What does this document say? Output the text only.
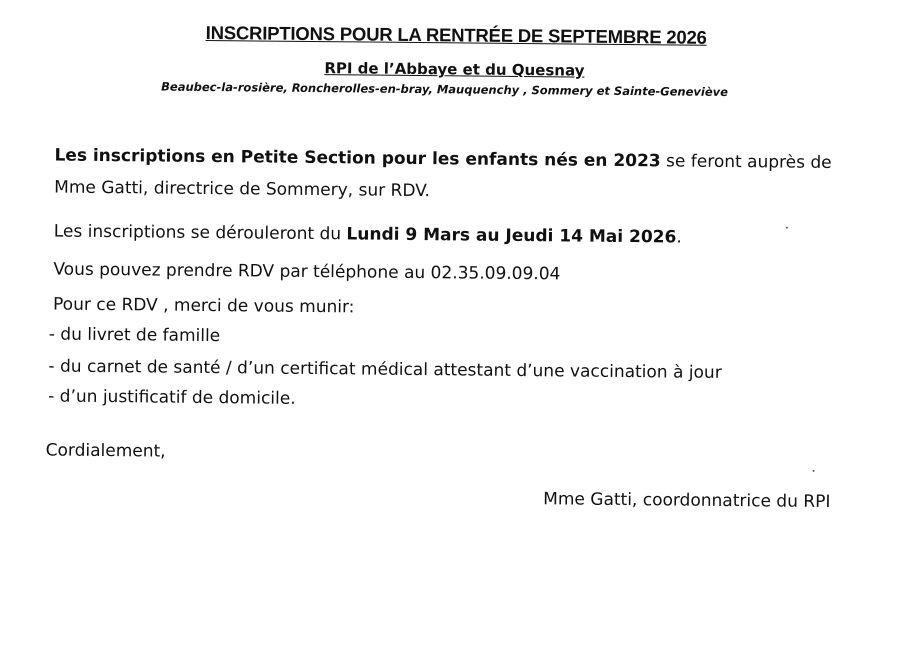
INSCRIPTIONS POUR LA RENTRÉE DE SEPTEMBRE 2026
RPI de l’Abbaye et du Quesnay
Beaubec-la-rosière, Roncherolles-en-bray, Mauquenchy , Sommery et Sainte-Geneviève
Les inscriptions en Petite Section pour les enfants nés en 2023 se feront auprès de
Mme Gatti, directrice de Sommery, sur RDV.
Les inscriptions se dérouleront du Lundi 9 Mars au Jeudi 14 Mai 2026.
Vous pouvez prendre RDV par téléphone au 02.35.09.09.04
Pour ce RDV , merci de vous munir:
- du livret de famille
- du carnet de santé / d’un certificat médical attestant d’une vaccination à jour
- d’un justificatif de domicile.
Cordialement,
Mme Gatti, coordonnatrice du RPI
